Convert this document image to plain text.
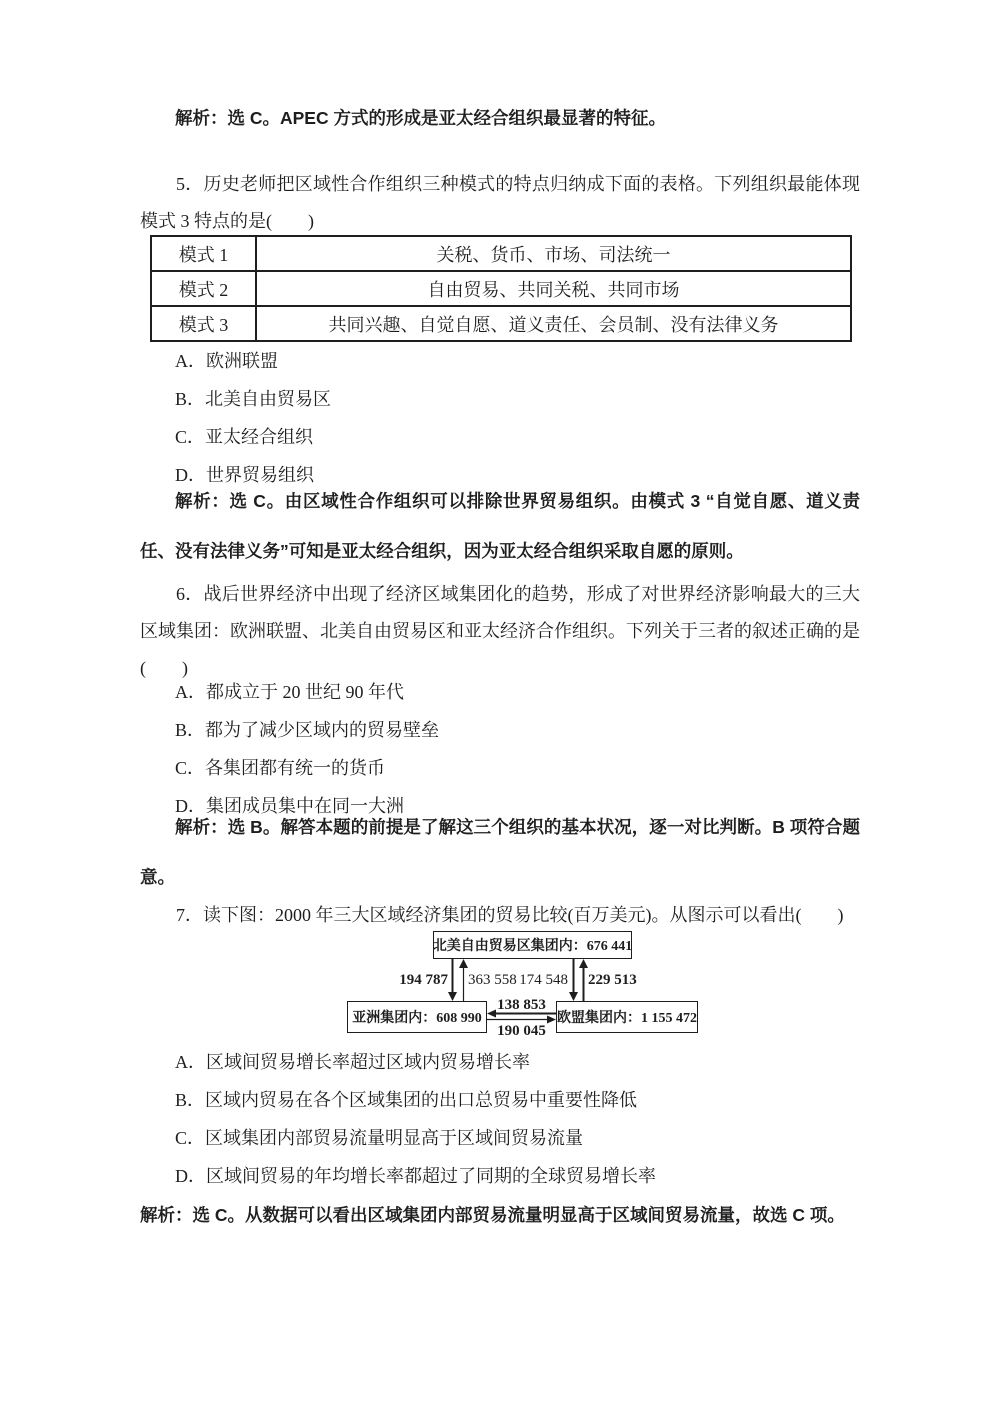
解析：选 C。APEC 方式的形成是亚太经合组织最显著的特征。

5．历史老师把区域性合作组织三种模式的特点归纳成下面的表格。下列组织最能体现模式 3 特点的是(　　)

模式 1	关税、货币、市场、司法统一
模式 2	自由贸易、共同关税、共同市场
模式 3	共同兴趣、自觉自愿、道义责任、会员制、没有法律义务
A．欧洲联盟
B．北美自由贸易区
C．亚太经合组织
D．世界贸易组织

解析：选 C。由区域性合作组织可以排除世界贸易组织。由模式 3 “自觉自愿、道义责任、没有法律义务”可知是亚太经合组织，因为亚太经合组织采取自愿的原则。

6．战后世界经济中出现了经济区域集团化的趋势，形成了对世界经济影响最大的三大区域集团：欧洲联盟、北美自由贸易区和亚太经济合作组织。下列关于三者的叙述正确的是(　　)

A．都成立于 20 世纪 90 年代
B．都为了减少区域内的贸易壁垒
C．各集团都有统一的货币
D．集团成员集中在同一大洲

解析：选 B。解答本题的前提是了解这三个组织的基本状况，逐一对比判断。B 项符合题意。

7．读下图：2000 年三大区域经济集团的贸易比较(百万美元)。从图示可以看出(　　)

北美自由贸易区集团内：676 441
亚洲集团内：608 990	欧盟集团内：1 155 472
194 787 363 558 174 548 229 513
138 853
190 045
A．区域间贸易增长率超过区域内贸易增长率
B．区域内贸易在各个区域集团的出口总贸易中重要性降低
C．区域集团内部贸易流量明显高于区域间贸易流量
D．区域间贸易的年均增长率都超过了同期的全球贸易增长率

解析：选 C。从数据可以看出区域集团内部贸易流量明显高于区域间贸易流量，故选 C 项。
